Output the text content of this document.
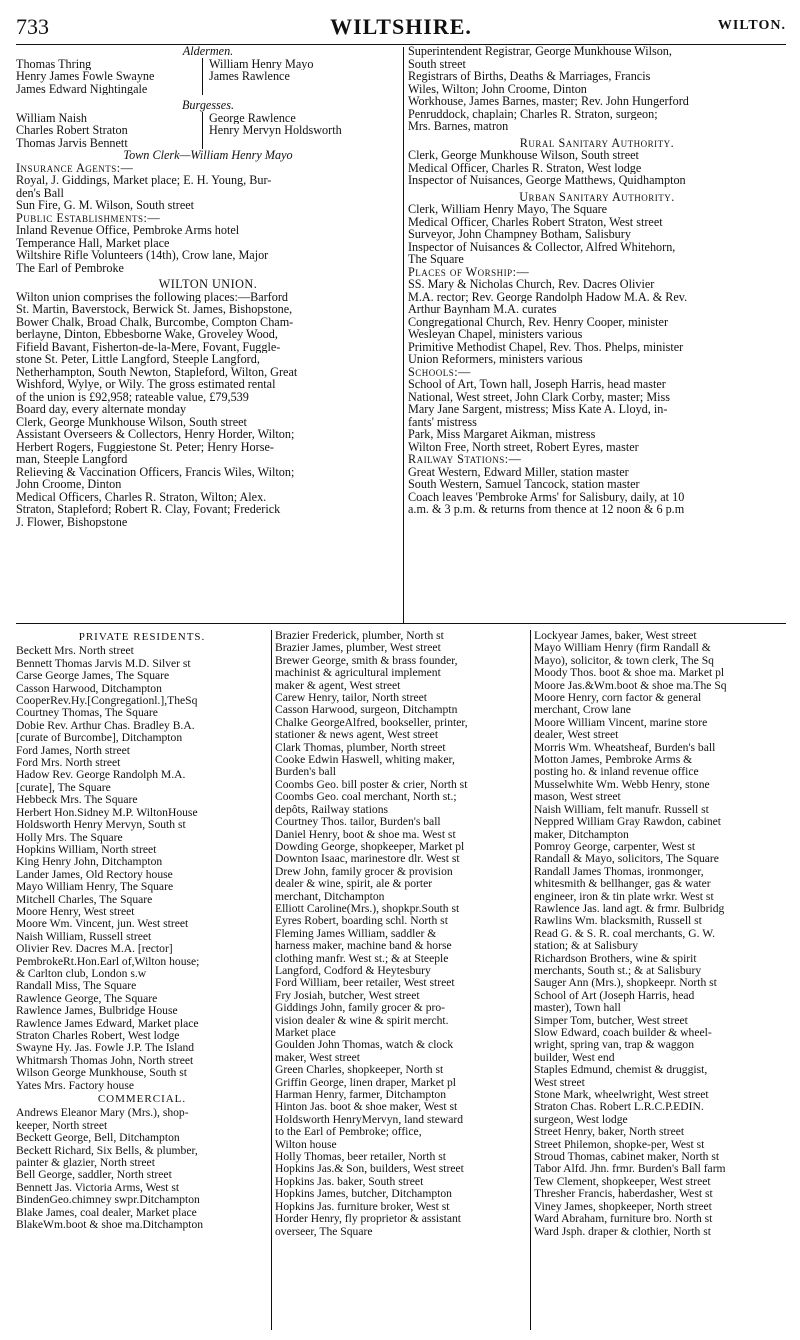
733	WILTSHIRE.	WILTON.
Aldermen.
Thomas Thring	William Henry Mayo
Henry James Fowle Swayne	James Rawlence
James Edward Nightingale
Burgesses.
William Naish	George Rawlence
Charles Robert Straton	Henry Mervyn Holdsworth
Thomas Jarvis Bennett
Town Clerk—William Henry Mayo
Insurance Agents:—
Royal, J. Giddings, Market place; E. H. Young, Bur-
den's Ball
Sun Fire, G. M. Wilson, South street
Public Establishments:—
Inland Revenue Office, Pembroke Arms hotel
Temperance Hall, Market place
Wiltshire Rifle Volunteers (14th), Crow lane, Major
The Earl of Pembroke
WILTON UNION.
Wilton union comprises the following places:—Barford
St. Martin, Baverstock, Berwick St. James, Bishopstone,
Bower Chalk, Broad Chalk, Burcombe, Compton Cham-
berlayne, Dinton, Ebbesborne Wake, Groveley Wood,
Fifield Bavant, Fisherton-de-la-Mere, Fovant, Fuggle-
stone St. Peter, Little Langford, Steeple Langford,
Netherhampton, South Newton, Stapleford, Wilton, Great
Wishford, Wylye, or Wily. The gross estimated rental
of the union is £92,958; rateable value, £79,539
Board day, every alternate monday
Clerk, George Munkhouse Wilson, South street
Assistant Overseers & Collectors, Henry Horder, Wilton;
Herbert Rogers, Fuggiestone St. Peter; Henry Horse-
man, Steeple Langford
Relieving & Vaccination Officers, Francis Wiles, Wilton;
John Croome, Dinton
Medical Officers, Charles R. Straton, Wilton; Alex.
Straton, Stapleford; Robert R. Clay, Fovant; Frederick
J. Flower, Bishopstone
Superintendent Registrar, George Munkhouse Wilson,
South street
Registrars of Births, Deaths & Marriages, Francis
Wiles, Wilton; John Croome, Dinton
Workhouse, James Barnes, master; Rev. John Hungerford
Penruddock, chaplain; Charles R. Straton, surgeon;
Mrs. Barnes, matron
Rural Sanitary Authority.
Clerk, George Munkhouse Wilson, South street
Medical Officer, Charles R. Straton, West lodge
Inspector of Nuisances, George Matthews, Quidhampton
Urban Sanitary Authority.
Clerk, William Henry Mayo, The Square
Medical Officer, Charles Robert Straton, West street
Surveyor, John Champney Botham, Salisbury
Inspector of Nuisances & Collector, Alfred Whitehorn,
The Square
Places of Worship:—
SS. Mary & Nicholas Church, Rev. Dacres Olivier
M.A. rector; Rev. George Randolph Hadow M.A. & Rev.
Arthur Baynham M.A. curates
Congregational Church, Rev. Henry Cooper, minister
Wesleyan Chapel, ministers various
Primitive Methodist Chapel, Rev. Thos. Phelps, minister
Union Reformers, ministers various
Schools:—
School of Art, Town hall, Joseph Harris, head master
National, West street, John Clark Corby, master; Miss
Mary Jane Sargent, mistress; Miss Kate A. Lloyd, in-
fants' mistress
Park, Miss Margaret Aikman, mistress
Wilton Free, North street, Robert Eyres, master
Railway Stations:—
Great Western, Edward Miller, station master
South Western, Samuel Tancock, station master
Coach leaves 'Pembroke Arms' for Salisbury, daily, at 10
a.m. & 3 p.m. & returns from thence at 12 noon & 6 p.m
PRIVATE RESIDENTS.
Beckett Mrs. North street
Bennett Thomas Jarvis M.D. Silver st
Carse George James, The Square
Casson Harwood, Ditchampton
CooperRev.Hy.[Congregationl.],TheSq
Courtney Thomas, The Square
Dobie Rev. Arthur Chas. Bradley B.A.
[curate of Burcombe], Ditchampton
Ford James, North street
Ford Mrs. North street
Hadow Rev. George Randolph M.A.
[curate], The Square
Hebbeck Mrs. The Square
Herbert Hon.Sidney M.P. WiltonHouse
Holdsworth Henry Mervyn, South st
Holly Mrs. The Square
Hopkins William, North street
King Henry John, Ditchampton
Lander James, Old Rectory house
Mayo William Henry, The Square
Mitchell Charles, The Square
Moore Henry, West street
Moore Wm. Vincent, jun. West street
Naish William, Russell street
Olivier Rev. Dacres M.A. [rector]
PembrokeRt.Hon.Earl of,Wilton house;
& Carlton club, London s.w
Randall Miss, The Square
Rawlence George, The Square
Rawlence James, Bulbridge House
Rawlence James Edward, Market place
Straton Charles Robert, West lodge
Swayne Hy. Jas. Fowle J.P. The Island
Whitmarsh Thomas John, North street
Wilson George Munkhouse, South st
Yates Mrs. Factory house
COMMERCIAL.
Andrews Eleanor Mary (Mrs.), shop-
keeper, North street
Beckett George, Bell, Ditchampton
Beckett Richard, Six Bells, & plumber,
painter & glazier, North street
Bell George, saddler, North street
Bennett Jas. Victoria Arms, West st
BindenGeo.chimney swpr.Ditchampton
Blake James, coal dealer, Market place
BlakeWm.boot & shoe ma.Ditchampton
Brazier Frederick, plumber, North st
Brazier James, plumber, West street
Brewer George, smith & brass founder,
machinist & agricultural implement
maker & agent, West street
Carew Henry, tailor, North street
Casson Harwood, surgeon, Ditchamptn
Chalke GeorgeAlfred, bookseller, printer,
stationer & news agent, West street
Clark Thomas, plumber, North street
Cooke Edwin Haswell, whiting maker,
Burden's ball
Coombs Geo. bill poster & crier, North st
Coombs Geo. coal merchant, North st.;
depôts, Railway stations
Courtney Thos. tailor, Burden's ball
Daniel Henry, boot & shoe ma. West st
Dowding George, shopkeeper, Market pl
Downton Isaac, marinestore dlr. West st
Drew John, family grocer & provision
dealer & wine, spirit, ale & porter
merchant, Ditchampton
Elliott Caroline(Mrs.), shopkpr.South st
Eyres Robert, boarding schl. North st
Fleming James William, saddler &
harness maker, machine band & horse
clothing manfr. West st.; & at Steeple
Langford, Codford & Heytesbury
Ford William, beer retailer, West street
Fry Josiah, butcher, West street
Giddings John, family grocer & pro-
vision dealer & wine & spirit mercht.
Market place
Goulden John Thomas, watch & clock
maker, West street
Green Charles, shopkeeper, North st
Griffin George, linen draper, Market pl
Harman Henry, farmer, Ditchampton
Hinton Jas. boot & shoe maker, West st
Holdsworth HenryMervyn, land steward
to the Earl of Pembroke; office,
Wilton house
Holly Thomas, beer retailer, North st
Hopkins Jas.& Son, builders, West street
Hopkins Jas. baker, South street
Hopkins James, butcher, Ditchampton
Hopkins Jas. furniture broker, West st
Horder Henry, fly proprietor & assistant
overseer, The Square
Lockyear James, baker, West street
Mayo William Henry (firm Randall &
Mayo), solicitor, & town clerk, The Sq
Moody Thos. boot & shoe ma. Market pl
Moore Jas.&Wm.boot & shoe ma.The Sq
Moore Henry, corn factor & general
merchant, Crow lane
Moore William Vincent, marine store
dealer, West street
Morris Wm. Wheatsheaf, Burden's ball
Motton James, Pembroke Arms &
posting ho. & inland revenue office
Musselwhite Wm. Webb Henry, stone
mason, West street
Naish William, felt manufr. Russell st
Neppred William Gray Rawdon, cabinet
maker, Ditchampton
Pomroy George, carpenter, West st
Randall & Mayo, solicitors, The Square
Randall James Thomas, ironmonger,
whitesmith & bellhanger, gas & water
engineer, iron & tin plate wrkr. West st
Rawlence Jas. land agt. & frmr. Bulbridg
Rawlins Wm. blacksmith, Russell st
Read G. & S. R. coal merchants, G. W.
station; & at Salisbury
Richardson Brothers, wine & spirit
merchants, South st.; & at Salisbury
Sauger Ann (Mrs.), shopkeepr. North st
School of Art (Joseph Harris, head
master), Town hall
Simper Tom, butcher, West street
Slow Edward, coach builder & wheel-
wright, spring van, trap & waggon
builder, West end
Staples Edmund, chemist & druggist,
West street
Stone Mark, wheelwright, West street
Straton Chas. Robert L.R.C.P.EDIN.
surgeon, West lodge
Street Henry, baker, North street
Street Philemon, shopke-per, West st
Stroud Thomas, cabinet maker, North st
Tabor Alfd. Jhn. frmr. Burden's Ball farm
Tew Clement, shopkeeper, West street
Thresher Francis, haberdasher, West st
Viney James, shopkeeper, North street
Ward Abraham, furniture bro. North st
Ward Jsph. draper & clothier, North st
